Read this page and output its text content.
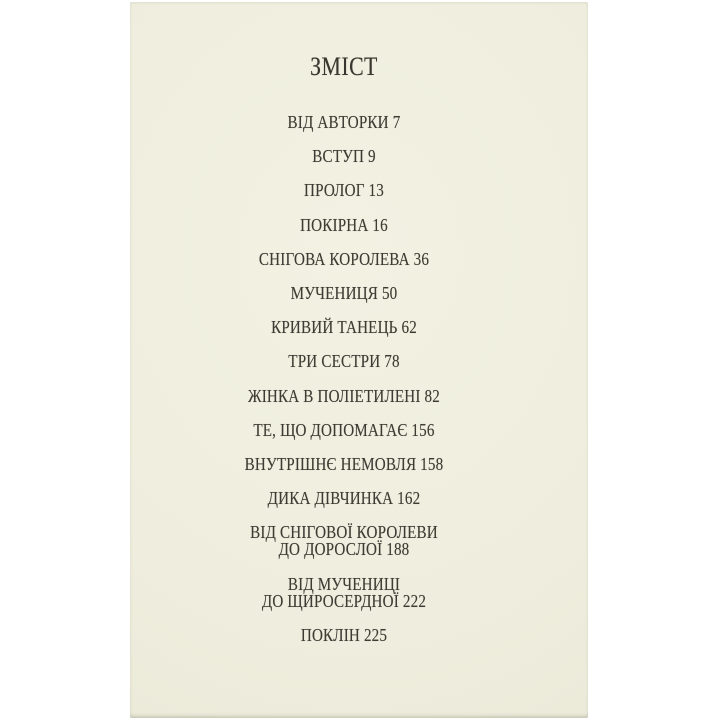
ЗМІСТ
ВІД АВТОРКИ 7
ВСТУП 9
ПРОЛОГ 13
ПОКІРНА 16
СНІГОВА КОРОЛЕВА 36
МУЧЕНИЦЯ 50
КРИВИЙ ТАНЕЦЬ 62
ТРИ СЕСТРИ 78
ЖІНКА В ПОЛІЕТИЛЕНІ 82
ТЕ, ЩО ДОПОМАГАЄ 156
ВНУТРІШНЄ НЕМОВЛЯ 158
ДИКА ДІВЧИНКА 162
ВІД СНІГОВОЇ КОРОЛЕВИ
ДО ДОРОСЛОЇ 188
ВІД МУЧЕНИЦІ
ДО ЩИРОСЕРДНОЇ 222
ПОКЛІН 225
